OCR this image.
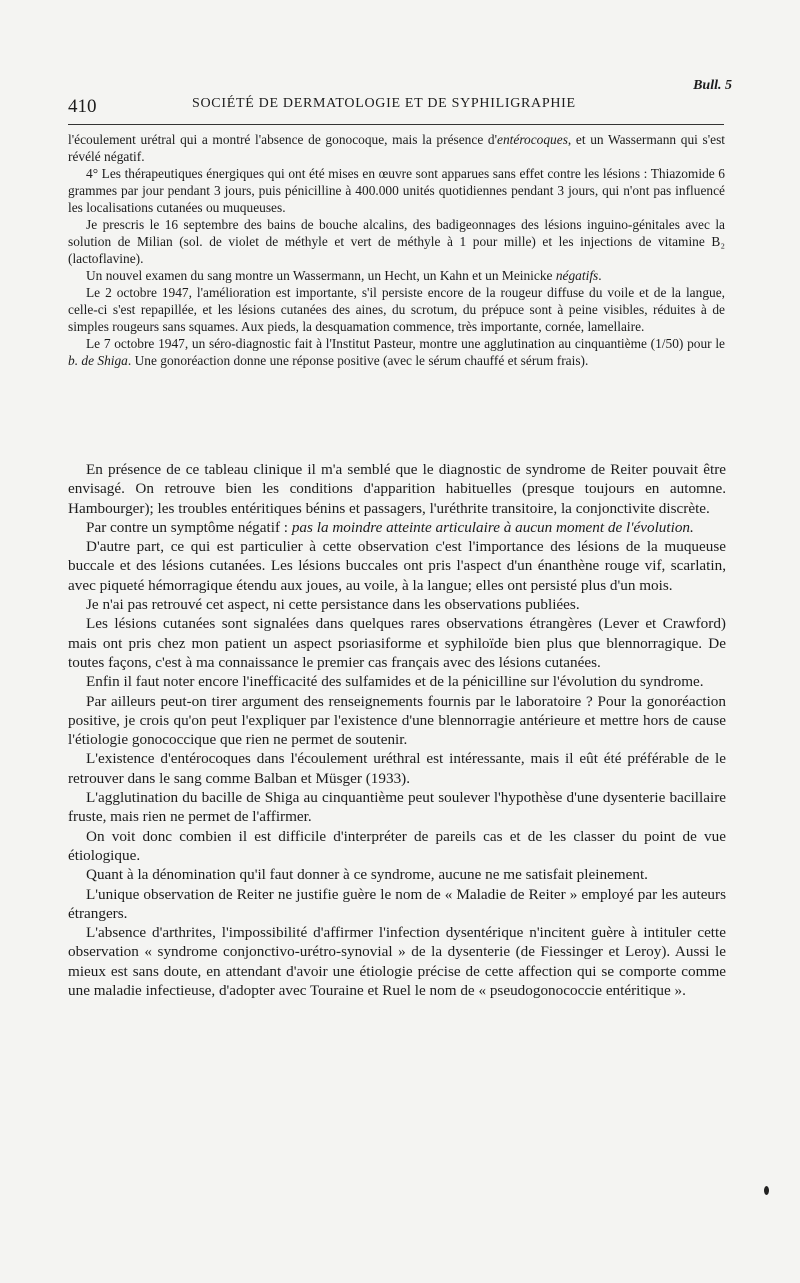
Bull. 5
410	SOCIÉTÉ DE DERMATOLOGIE ET DE SYPHILIGRAPHIE

l'écoulement urétral qui a montré l'absence de gonocoque, mais la présence d'entérocoques, et un Wassermann qui s'est révélé négatif.

4° Les thérapeutiques énergiques qui ont été mises en œuvre sont apparues sans effet contre les lésions : Thiazomide 6 grammes par jour pendant 3 jours, puis pénicilline à 400.000 unités quotidiennes pendant 3 jours, qui n'ont pas influencé les localisations cutanées ou muqueuses.

Je prescris le 16 septembre des bains de bouche alcalins, des badigeonnages des lésions inguino-génitales avec la solution de Milian (sol. de violet de méthyle et vert de méthyle à 1 pour mille) et les injections de vitamine B₂ (lactoflavine).

Un nouvel examen du sang montre un Wassermann, un Hecht, un Kahn et un Meinicke négatifs.

Le 2 octobre 1947, l'amélioration est importante, s'il persiste encore de la rougeur diffuse du voile et de la langue, celle-ci s'est repapillée, et les lésions cutanées des aines, du scrotum, du prépuce sont à peine visibles, réduites à de simples rougeurs sans squames. Aux pieds, la desquamation commence, très importante, cornée, lamellaire.

Le 7 octobre 1947, un séro-diagnostic fait à l'Institut Pasteur, montre une agglutination au cinquantième (1/50) pour le b. de Shiga. Une gonoréaction donne une réponse positive (avec le sérum chauffé et sérum frais).

En présence de ce tableau clinique il m'a semblé que le diagnostic de syndrome de Reiter pouvait être envisagé. On retrouve bien les conditions d'apparition habituelles (presque toujours en automne. Hambourger); les troubles entéritiques bénins et passagers, l'uréthrite transitoire, la conjonctivite discrète.

Par contre un symptôme négatif : pas la moindre atteinte articulaire à aucun moment de l'évolution.

D'autre part, ce qui est particulier à cette observation c'est l'importance des lésions de la muqueuse buccale et des lésions cutanées. Les lésions buccales ont pris l'aspect d'un énanthène rouge vif, scarlatin, avec piqueté hémorragique étendu aux joues, au voile, à la langue; elles ont persisté plus d'un mois.

Je n'ai pas retrouvé cet aspect, ni cette persistance dans les observations publiées.

Les lésions cutanées sont signalées dans quelques rares observations étrangères (Lever et Crawford) mais ont pris chez mon patient un aspect psoriasiforme et syphiloïde bien plus que blennorragique. De toutes façons, c'est à ma connaissance le premier cas français avec des lésions cutanées.

Enfin il faut noter encore l'inefficacité des sulfamides et de la pénicilline sur l'évolution du syndrome.

Par ailleurs peut-on tirer argument des renseignements fournis par le laboratoire ? Pour la gonoréaction positive, je crois qu'on peut l'expliquer par l'existence d'une blennorragie antérieure et mettre hors de cause l'étiologie gonococcique que rien ne permet de soutenir.

L'existence d'entérocoques dans l'écoulement uréthral est intéressante, mais il eût été préférable de le retrouver dans le sang comme Balban et Müsger (1933).

L'agglutination du bacille de Shiga au cinquantième peut soulever l'hypothèse d'une dysenterie bacillaire fruste, mais rien ne permet de l'affirmer.

On voit donc combien il est difficile d'interpréter de pareils cas et de les classer du point de vue étiologique.

Quant à la dénomination qu'il faut donner à ce syndrome, aucune ne me satisfait pleinement.

L'unique observation de Reiter ne justifie guère le nom de « Maladie de Reiter » employé par les auteurs étrangers.

L'absence d'arthrites, l'impossibilité d'affirmer l'infection dysentérique n'incitent guère à intituler cette observation « syndrome conjonctivo-urétro-synovial » de la dysenterie (de Fiessinger et Leroy). Aussi le mieux est sans doute, en attendant d'avoir une étiologie précise de cette affection qui se comporte comme une maladie infectieuse, d'adopter avec Touraine et Ruel le nom de « pseudogonococcie entéritique ».
